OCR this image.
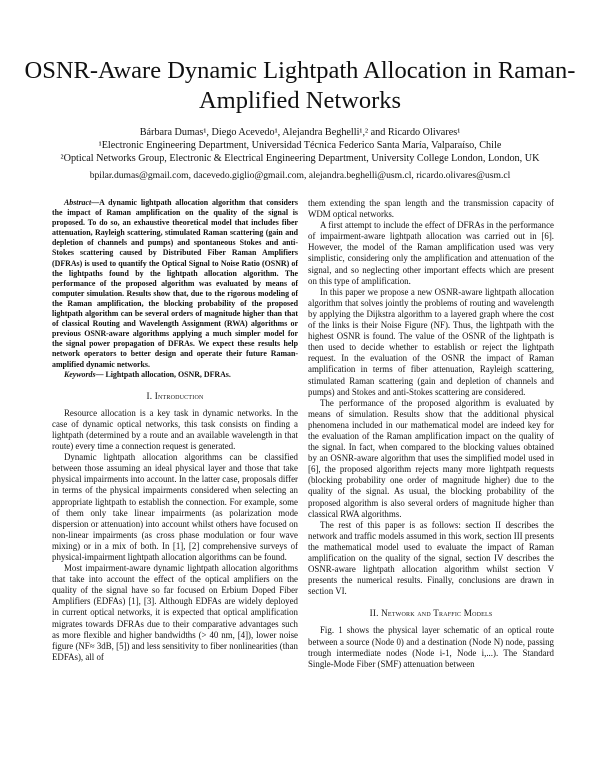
OSNR-Aware Dynamic Lightpath Allocation in Raman-Amplified Networks
Bárbara Dumas¹, Diego Acevedo¹, Alejandra Beghelli¹,² and Ricardo Olivares¹
¹Electronic Engineering Department, Universidad Técnica Federico Santa María, Valparaíso, Chile
²Optical Networks Group, Electronic & Electrical Engineering Department, University College London, London, UK
bpilar.dumas@gmail.com, dacevedo.giglio@gmail.com, alejandra.beghelli@usm.cl, ricardo.olivares@usm.cl

Abstract—A dynamic lightpath allocation algorithm that considers the impact of Raman amplification on the quality of the signal is proposed. To do so, an exhaustive theoretical model that includes fiber attenuation, Rayleigh scattering, stimulated Raman scattering (gain and depletion of channels and pumps) and spontaneous Stokes and anti-Stokes scattering caused by Distributed Fiber Raman Amplifiers (DFRAs) is used to quantify the Optical Signal to Noise Ratio (OSNR) of the lightpaths found by the lightpath allocation algorithm. The performance of the proposed algorithm was evaluated by means of computer simulation. Results show that, due to the rigorous modeling of the Raman amplification, the blocking probability of the proposed lightpath algorithm can be several orders of magnitude higher than that of classical Routing and Wavelength Assignment (RWA) algorithms or previous OSNR-aware algorithms applying a much simpler model for the signal power propagation of DFRAs. We expect these results help network operators to better design and operate their future Raman-amplified dynamic networks.

Keywords— Lightpath allocation, OSNR, DFRAs.

I. Introduction

Resource allocation is a key task in dynamic networks. In the case of dynamic optical networks, this task consists on finding a lightpath (determined by a route and an available wavelength in that route) every time a connection request is generated.

Dynamic lightpath allocation algorithms can be classified between those assuming an ideal physical layer and those that take physical impairments into account. In the latter case, proposals differ in terms of the physical impairments considered when selecting an appropriate lightpath to establish the connection. For example, some of them only take linear impairments (as polarization mode dispersion or attenuation) into account whilst others have focused on non-linear impairments (as cross phase modulation or four wave mixing) or in a mix of both. In [1], [2] comprehensive surveys of physical-impairment lightpath allocation algorithms can be found.

Most impairment-aware dynamic lightpath allocation algorithms that take into account the effect of the optical amplifiers on the quality of the signal have so far focused on Erbium Doped Fiber Amplifiers (EDFAs) [1], [3]. Although EDFAs are widely deployed in current optical networks, it is expected that optical amplification migrates towards DFRAs due to their comparative advantages such as more flexible and higher bandwidths (> 40 nm, [4]), lower noise figure (NF≈ 3dB, [5]) and less sensitivity to fiber nonlinearities (than EDFAs), all of

them extending the span length and the transmission capacity of WDM optical networks.

A first attempt to include the effect of DFRAs in the performance of impairment-aware lightpath allocation was carried out in [6]. However, the model of the Raman amplification used was very simplistic, considering only the amplification and attenuation of the signal, and so neglecting other important effects which are present on this type of amplification.

In this paper we propose a new OSNR-aware lightpath allocation algorithm that solves jointly the problems of routing and wavelength by applying the Dijkstra algorithm to a layered graph where the cost of the links is their Noise Figure (NF). Thus, the lightpath with the highest OSNR is found. The value of the OSNR of the lightpath is then used to decide whether to establish or reject the lightpath request. In the evaluation of the OSNR the impact of Raman amplification in terms of fiber attenuation, Rayleigh scattering, stimulated Raman scattering (gain and depletion of channels and pumps) and Stokes and anti-Stokes scattering are considered.

The performance of the proposed algorithm is evaluated by means of simulation. Results show that the additional physical phenomena included in our mathematical model are indeed key for the evaluation of the Raman amplification impact on the quality of the signal. In fact, when compared to the blocking values obtained by an OSNR-aware algorithm that uses the simplified model used in [6], the proposed algorithm rejects many more lightpath requests (blocking probability one order of magnitude higher) due to the quality of the signal. As usual, the blocking probability of the proposed algorithm is also several orders of magnitude higher than classical RWA algorithms.

The rest of this paper is as follows: section II describes the network and traffic models assumed in this work, section III presents the mathematical model used to evaluate the impact of Raman amplification on the quality of the signal, section IV describes the OSNR-aware lightpath allocation algorithm whilst section V presents the numerical results. Finally, conclusions are drawn in section VI.

II. Network and Traffic Models

Fig. 1 shows the physical layer schematic of an optical route between a source (Node 0) and a destination (Node N) node, passing trough intermediate nodes (Node i-1, Node i,...). The Standard Single-Mode Fiber (SMF) attenuation between
